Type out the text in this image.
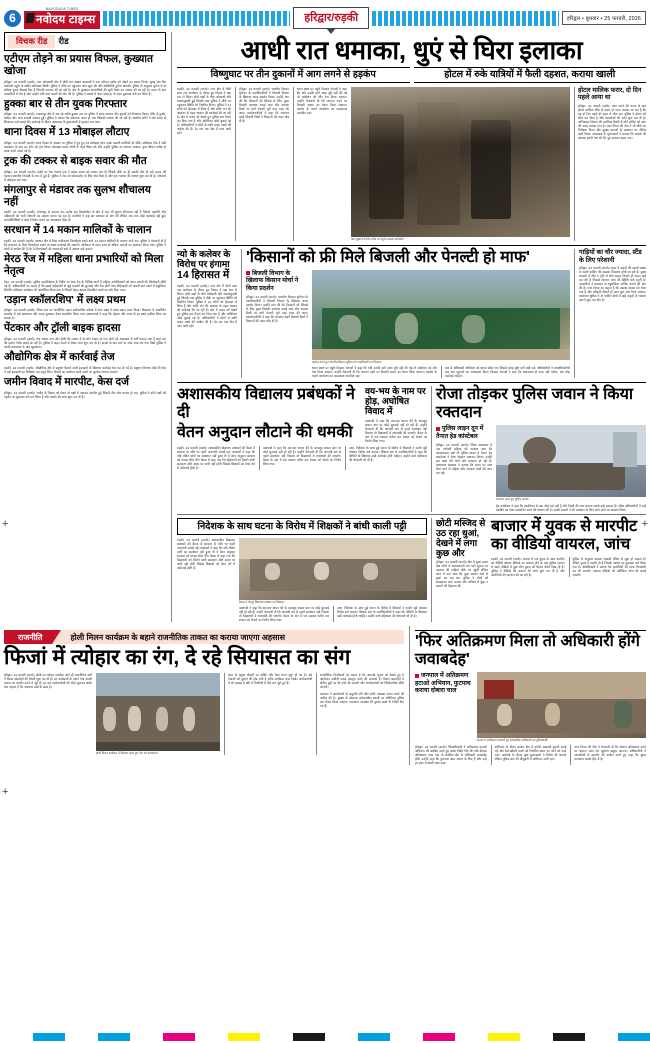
6
NAVODAYA TIMES
नवोदय टाइम्स	हरिद्वार/रुड़की	हरिद्वार • बुधवार • 25 फरवरी, 2026
विचक रीड	रीड
एटीएम तोड़ने का प्रयास विफल, कुख्यात खोजा
हरिद्वार, 24 फरवरी (वार्ता)। नगर कोतवाली क्षेत्र में बीती रात अज्ञात बदमाशों ने एक एटीएम मशीन को तोड़ने का प्रयास किया। सुबह जब बैंक कर्मचारी पहुंचे तो मशीन क्षतिग्रस्त मिली। पुलिस ने मौके पर पहुंचकर जांच शुरू की और सीसीटीवी फुटेज खंगाले। पुलिस के अनुसार फुटेज में दो संदिग्ध युवक दिखाई दिए हैं जिनकी पहचान की जा रही है। क्षेत्र के कुख्यात अपराधियों की सूची तैयार कर तलाश की जा रही है। घटना के बाद व्यापारियों में रोष है और उन्होंने रात्रि गश्त बढ़ाने की मांग की है। पुलिस ने मामले में धारा 331(4) के तहत मुकदमा दर्ज कर लिया है।
हुक्का बार से तीन युवक गिरफ्तार
हरिद्वार, 24 फरवरी (वार्ता)। ज्वालापुर क्षेत्र में चल रहे अवैध हुक्का बार पर पुलिस ने छापा मारकर तीन युवकों को गिरफ्तार किया। मौके से हुक्के, फ्लेवर और अन्य सामग्री बरामद हुई। पुलिस ने बताया कि संचालक फरार हो गया जिसकी तलाश की जा रही है। स्थानीय लोगों ने लंबे समय से शिकायत दर्ज कराई थी। कार्रवाई के दौरान आसपास के दुकानदारों में हड़कंप मच गया।
थाना दिवस में 13 मोबाइल लौटाए
हरिद्वार, 24 फरवरी (वार्ता)। थाना दिवस के अवसर पर पुलिस ने गुम हुए 13 मोबाइल फोन उनके असली मालिकों को सौंपे। सर्विलांस टीम ने लंबी मशक्कत के बाद इन फोन को ट्रेस किया। मोबाइल पाकर लोगों के चेहरे खिल उठे और उन्होंने पुलिस का आभार जताया। कुल कीमत करीब दो लाख रुपये बताई गई है।
ट्रक की टक्कर से बाइक सवार की मौत
हरिद्वार, 24 फरवरी (वार्ता)। हाईवे पर तेज रफ्तार ट्रक ने बाइक सवार को टक्कर मार दी जिससे मौके पर ही उसकी मौत हो गई। मृतक की पहचान स्थानीय निवासी के रूप में हुई है। पुलिस ने शव को पोस्टमार्टम के लिए भेज दिया है और ट्रक चालक की तलाश शुरू कर दी है। परिजनों में कोहराम मच गया।
मंगलापुर से मंडावर तक सुलभ शौचालय नहीं
रुड़की, 24 फरवरी (वार्ता)। मंगलापुर से मंडावर तक करीब दस किलोमीटर के क्षेत्र में एक भी सुलभ शौचालय नहीं है जिससे राहगीरों और महिलाओं को भारी परेशानी का सामना करना पड़ रहा है। ग्रामीणों ने कई बार प्रशासन से मांग की लेकिन अब तक कोई कार्रवाई नहीं हुई। जनप्रतिनिधियों ने जल्द निर्माण कराने का आश्वासन दिया है।
सरधान में 14 मकान मालिकों के चालान
रुड़की, 24 फरवरी (वार्ता)। सरधान क्षेत्र में बिना पंजीकरण किरायेदार रखने वाले 14 मकान मालिकों के चालान काटे गए। पुलिस ने चेतावनी दी है कि सत्यापन के बिना किरायेदार रखने पर सख्त कार्रवाई की जाएगी। अभियान के तहत 120 से अधिक मकानों का सत्यापन किया गया। पुलिस ने लोगों से अपील की है कि वे किरायेदारों की जानकारी थाने में अवश्य दर्ज कराएं।
मेरठ रेंज में महिला थाना प्रभारियों को मिला नेतृत्व
मेरठ, 24 फरवरी (वार्ता)। पुलिस महानिदेशक के निर्देश पर मेरठ रेंज के विभिन्न थानों में महिला उपनिरीक्षकों को थाना प्रभारी की जिम्मेदारी सौंपी गई है। अधिकारियों का कहना है कि इससे महिलाओं से जुड़े मामलों की सुनवाई और तेज होगी तथा पीड़िताओं को अपनी बात रखने में सहूलियत मिलेगी। प्रशिक्षण कार्यक्रम भी आयोजित किया गया है जिसमें नेतृत्व क्षमता विकसित करने पर जोर दिया गया।
'उड़ान स्कॉलरशिप' में लक्ष्य प्रथम
हरिद्वार, 24 फरवरी (वार्ता)। जिला स्तर पर आयोजित उड़ान स्कॉलरशिप परीक्षा में छात्र लक्ष्य ने प्रथम स्थान प्राप्त किया। विद्यालय में आयोजित समारोह में उसे प्रमाणपत्र और नकद पुरस्कार देकर सम्मानित किया गया। प्रधानाचार्य ने कहा कि मेहनत और लगन से हर लक्ष्य हासिल किया जा सकता है।
पेंटकार और ट्रॉली बाइक हादसा
हरिद्वार, 24 फरवरी (वार्ता)। तेज रफ्तार कार और ट्रॉली की टक्कर में दो लोग घायल हो गए। दोनों को अस्पताल में भर्ती कराया गया है जहां एक की हालत गंभीर बताई जा रही है। पुलिस ने वाहन कब्जे में लेकर जांच शुरू कर दी है। हादसे के बाद मार्ग पर लंबा जाम लग गया जिसे पुलिस ने काफी मशक्कत के बाद खुलवाया।
औद्योगिक क्षेत्र में कार्रवाई तेज
रुड़की, 24 फरवरी (वार्ता)। औद्योगिक क्षेत्र में प्रदूषण फैलाने वाली इकाइयों के खिलाफ कार्रवाई तेज कर दी गई है। प्रदूषण नियंत्रण बोर्ड की टीम ने कई इकाइयों का निरीक्षण कर नमूने लिए। नियमों का उल्लंघन करने वालों पर जुर्माना लगाया जाएगा।
जमीन विवाद में मारपीट, केस दर्ज
हरिद्वार, 24 फरवरी (वार्ता)। जमीन के विवाद को लेकर दो पक्षों में जमकर मारपीट हुई जिसमें तीन लोग घायल हो गए। पुलिस ने दोनों पक्षों की तहरीर पर मुकदमा दर्ज कर लिया है और मामले की जांच शुरू कर दी है।
आधी रात धमाका, धुएं से घिरा इलाका
विष्णुघाट पर तीन दुकानों में आग लगने से हड़कंप	होटल में रुके यात्रियों में फैली दहशत, कराया खाली
रुड़की, 24 फरवरी (वार्ता)। नगर क्षेत्र में बीती शाम एक कार्यक्रम के दौरान हुए विवाद ने बड़ा रूप ले लिया। दोनों पक्षों के बीच नारेबाजी और धक्कामुक्की हुई जिसके बाद पुलिस ने मौके पर पहुंचकर स्थिति को नियंत्रित किया। पुलिस ने 14 लोगों को हिरासत में लिया है और शांति भंग की आशंका के तहत चालान की कार्रवाई की जा रही है। क्षेत्र में तनाव को देखते हुए पुलिस बल तैनात कर दिया गया है और अतिरिक्त फोर्स बुलाई गई है। अधिकारियों ने लोगों से शांति बनाए रखने की अपील की है। देर रात तक क्षेत्र में गश्त जारी रही।
हरिद्वार, 24 फरवरी (वार्ता)। भारतीय किसान यूनियन के पदाधिकारियों ने बिजली विभाग के खिलाफ धरना प्रदर्शन किया। उन्होंने मांग की कि किसानों को सिंचाई के लिए मुफ्त बिजली उपलब्ध कराई जाए और बकाया बिलों पर लगी पेनल्टी पूरी तरह माफ की जाए। प्रदर्शनकारियों ने कहा कि लगातार बढ़ते बिजली बिलों ने किसानों की कमर तोड़ दी है।
धरना स्थल पर पहुंचे किसान नेताओं ने कहा कि यदि उनकी मांगें जल्द पूरी नहीं की गईं तो आंदोलन को और तेज किया जाएगा। उन्होंने चेतावनी दी कि जरूरत पड़ने पर बिजली दफ्तर का घेराव किया जाएगा। प्रदर्शन के चलते कार्यालय का कामकाज प्रभावित रहा।
आग बुझाने के लिए मौके पर पहुंचे दमकल कर्मचारी।
होटल मालिक फरार, दो दिन पहले आया था
हरिद्वार, 24 फरवरी (वार्ता)। आग लगने की घटना के बाद होटल मालिक मौके से फरार हो गया। बताया जा रहा है कि वह दो दिन पहले ही बाहर से लौटा था। पुलिस ने होटल को सील कर दिया है और दस्तावेजों की जांच शुरू कर दी है। अग्निशमन विभाग की प्रारंभिक रिपोर्ट में शॉर्ट सर्किट को आग की वजह बताया गया है। नगर निगम की टीम ने भी मौके का निरीक्षण किया और सुरक्षा मानकों के उल्लंघन पर नोटिस जारी किया। आसपास के दुकानदारों ने बताया कि धमाके की आवाज इतनी तेज थी कि पूरा इलाका दहल गया।
न्यो के कलेवर के विरोध पर हंगामा
14 हिरासत में
रुड़की, 24 फरवरी (वार्ता)। नगर क्षेत्र में बीती शाम एक कार्यक्रम के दौरान हुए विवाद ने बड़ा रूप ले लिया। दोनों पक्षों के बीच नारेबाजी और धक्कामुक्की हुई जिसके बाद पुलिस ने मौके पर पहुंचकर स्थिति को नियंत्रित किया। पुलिस ने 14 लोगों को हिरासत में लिया है और शांति भंग की आशंका के तहत चालान की कार्रवाई की जा रही है। क्षेत्र में तनाव को देखते हुए पुलिस बल तैनात कर दिया गया है और अतिरिक्त फोर्स बुलाई गई है। अधिकारियों ने लोगों से शांति बनाए रखने की अपील की है। देर रात तक क्षेत्र में गश्त जारी रही।
'किसानों को फ्री मिले बिजली और पेनल्टी हो माफ'
बिजली विभाग के खिलाफ किसान मोर्चा ने किया प्रदर्शन
हरिद्वार, 24 फरवरी (वार्ता)। भारतीय किसान यूनियन के पदाधिकारियों ने बिजली विभाग के खिलाफ धरना प्रदर्शन किया। उन्होंने मांग की कि किसानों को सिंचाई के लिए मुफ्त बिजली उपलब्ध कराई जाए और बकाया बिलों पर लगी पेनल्टी पूरी तरह माफ की जाए। प्रदर्शनकारियों ने कहा कि लगातार बढ़ते बिजली बिलों ने किसानों की कमर तोड़ दी है।
प्रदर्शन करते हुए भारतीय किसान यूनियन के पदाधिकारी एवं किसान।
धरना स्थल पर पहुंचे किसान नेताओं ने कहा कि यदि उनकी मांगें जल्द पूरी नहीं की गईं तो आंदोलन को और तेज किया जाएगा। उन्होंने चेतावनी दी कि जरूरत पड़ने पर बिजली दफ्तर का घेराव किया जाएगा। प्रदर्शन के चलते कार्यालय का कामकाज प्रभावित रहा।
बाद में अधिशासी अभियंता को ज्ञापन सौंपा गया जिसमें बारह सूत्री मांगें रखी गईं। अधिकारियों ने उच्चाधिकारियों तक बात पहुंचाने का आश्वासन दिया। किसान नेताओं ने कहा कि आश्वासन से काम नहीं चलेगा, अब ठोस कार्रवाई चाहिए।
गाड़ियों का चौर ज्यादा, स्टैंड के लिए परेशानी
हरिद्वार, 24 फरवरी (वार्ता)। शहर में वाहनों की बढ़ती संख्या के चलते पार्किंग की समस्या विकराल होती जा रही है। मुख्य बाजारों में स्टैंड न होने से लोग सड़क किनारे ही वाहन खड़े कर देते हैं जिससे दिनभर जाम की स्थिति बनी रहती है। व्यापारियों ने प्रशासन से बहुमंजिला पार्किंग बनाने की मांग की है। नगर निगम का कहना है कि प्रस्ताव शासन को भेजा गया है और स्वीकृति मिलते ही काम शुरू करा दिया जाएगा। यातायात पुलिस ने नो पार्किंग क्षेत्रों में खड़े वाहनों के चालान काटने शुरू कर दिए हैं।
अशासकीय विद्यालय प्रबंधकों ने दी
वेतन अनुदान लौटाने की धमकी
वय-भय के नाम पर होड़, अघोषित विवाद में
वक्ताओं ने कहा कि बार-बार ज्ञापन देने के बावजूद शासन स्तर पर कोई सुनवाई नहीं हो रही है। उन्होंने चेतावनी दी कि आगामी सत्र से पहले समाधान नहीं निकला तो विद्यालयों में तालाबंदी की जाएगी। बैठक के अंत में एक प्रस्ताव पारित कर शासन को भेजने का निर्णय लिया गया।
रुड़की, 24 फरवरी (वार्ता)। अशासकीय विद्यालय प्रबंधकों की बैठक में सरकार के रवैये पर गहरी नाराजगी जताई गई। प्रबंधकों ने कहा कि यदि लंबित मांगों का समाधान नहीं हुआ तो वे वेतन अनुदान सरकार को वापस लौटा देंगे। बैठक में कहा गया कि विद्यालयों को मिलने वाली सहायता राशि समय पर जारी नहीं होती जिससे शिक्षकों को वेतन देने में कठिनाई होती है।
वक्ताओं ने कहा कि बार-बार ज्ञापन देने के बावजूद शासन स्तर पर कोई सुनवाई नहीं हो रही है। उन्होंने चेतावनी दी कि आगामी सत्र से पहले समाधान नहीं निकला तो विद्यालयों में तालाबंदी की जाएगी। बैठक के अंत में एक प्रस्ताव पारित कर शासन को भेजने का निर्णय लिया गया।
उधर, निदेशक के साथ हुई घटना के विरोध में शिक्षकों ने काली पट्टी बांधकर विरोध दर्ज कराया। शिक्षक संघ के पदाधिकारियों ने कहा कि दोषियों के खिलाफ कड़ी कार्रवाई होनी चाहिए। उन्होंने कार्य बहिष्कार की चेतावनी भी दी है।
रोजा तोड़कर पुलिस जवान ने किया रक्तदान
पुलिस लाइन दून में तैनात हेड कांस्टेबल
हरिद्वार, 24 फरवरी (वार्ता)। जिला अस्पताल में एक गर्भवती महिला को तत्काल रक्त की आवश्यकता पड़ी तो पुलिस लाइन में तैनात हेड कांस्टेबल ने रोजा तोड़कर रक्तदान किया। उनकी इस पहल की चारों ओर सराहना हो रही है। अस्पताल प्रशासन ने बताया कि समय पर रक्त मिल जाने से महिला और नवजात दोनों की जान बच गई।
रक्तदान करते हुए पुलिस जवान।
हेड कांस्टेबल ने कहा कि इंसानियत से बड़ा कोई धर्म नहीं है और किसी की जान बचाना सबसे बड़ी इबादत है। वरिष्ठ अधिकारियों ने उन्हें प्रशस्ति पत्र देकर सम्मानित करने की घोषणा की है। साथी जवानों ने भी रक्तदान के लिए आगे आने का संकल्प लिया।
निदेशक के साथ घटना के विरोध में शिक्षकों ने बांधी काली पट्टी
रुड़की, 24 फरवरी (वार्ता)। अशासकीय विद्यालय प्रबंधकों की बैठक में सरकार के रवैये पर गहरी नाराजगी जताई गई। प्रबंधकों ने कहा कि यदि लंबित मांगों का समाधान नहीं हुआ तो वे वेतन अनुदान सरकार को वापस लौटा देंगे। बैठक में कहा गया कि विद्यालयों को मिलने वाली सहायता राशि समय पर जारी नहीं होती जिससे शिक्षकों को वेतन देने में कठिनाई होती है।
बैठक में मौजूद विद्यालय प्रबंधक एवं शिक्षक।
वक्ताओं ने कहा कि बार-बार ज्ञापन देने के बावजूद शासन स्तर पर कोई सुनवाई नहीं हो रही है। उन्होंने चेतावनी दी कि आगामी सत्र से पहले समाधान नहीं निकला तो विद्यालयों में तालाबंदी की जाएगी। बैठक के अंत में एक प्रस्ताव पारित कर शासन को भेजने का निर्णय लिया गया।
उधर, निदेशक के साथ हुई घटना के विरोध में शिक्षकों ने काली पट्टी बांधकर विरोध दर्ज कराया। शिक्षक संघ के पदाधिकारियों ने कहा कि दोषियों के खिलाफ कड़ी कार्रवाई होनी चाहिए। उन्होंने कार्य बहिष्कार की चेतावनी भी दी है।
छोटी मस्जिद से उठ रहा धुआं, देखने में लगा कुछ और
हरिद्वार, 24 फरवरी (वार्ता)। क्षेत्र में धुआं उठता देख लोगों में अफरातफरी मच गई। सूचना पर दमकल की गाड़ियां मौके पर पहुंचीं लेकिन जांच में पता चला कि कूड़ा जलाए जाने से धुआं उठ रहा था। पुलिस ने लोगों को समझाकर शांत कराया और भविष्य में कूड़ा न जलाने की हिदायत दी।
बाजार में युवक से मारपीट
का वीडियो वायरल, जांच
रुड़की, 24 फरवरी (वार्ता)। बाजार में एक युवक के साथ मारपीट का वीडियो सोशल मीडिया पर वायरल होने के बाद पुलिस हरकत में आई। वीडियो में कुछ लोग युवक को घेरकर पीटते दिख रहे हैं। पुलिस ने वीडियो की सत्यता की जांच शुरू कर दी है और आरोपियों की पहचान की जा रही है।
पुलिस के अनुसार मामला आपसी रंजिश से जुड़ा हो सकता है। पीड़ित युवक ने तहरीर दी है जिसके आधार पर मुकदमा दर्ज किया गया है। क्षेत्राधिकारी ने बताया कि आरोपियों की जल्द गिरफ्तारी कर ली जाएगी। वायरल वीडियो की फॉरेंसिक जांच भी कराई जाएगी।
राजनीति	होली मिलन कार्यक्रम के बहाने राजनीतिक ताकत का कराया जाएगा अहसास
फिजां में त्योहार का रंग, दे रहे सियासत का संग
हरिद्वार, 24 फरवरी (वार्ता)। होली का त्योहार नजदीक आते ही राजनीतिक दलों ने मिलन समारोहों की तैयारी शुरू कर दी है। इन कार्यक्रमों के बहाने नेता अपनी ताकत का प्रदर्शन करने में जुटे हैं। हर दल कार्यकर्ताओं की भीड़ जुटाकर संदेश देना चाहता है कि जनाधार उसी के साथ है।
होली मिलन कार्यक्रम में शिरकत करते हुए नेता एवं कार्यकर्ता।
शहर के प्रमुख चौराहों पर होर्डिंग और बैनर लगने शुरू हो गए हैं। बड़े नेताओं को बुलाने की होड़ मची है ताकि कार्यक्रम भव्य दिखे। कार्यकर्ताओं में भी उत्साह है और वे तैयारियों में दिन-रात जुटे हुए हैं।
राजनीतिक विश्लेषकों का कहना है कि आगामी चुनाव को देखते हुए ये आयोजन जमीनी पकड़ मजबूत करने की कवायद हैं। मिलन समारोहों में क्षेत्रीय मुद्दों पर भी चर्चा की जाएगी और कार्यकर्ताओं को जिम्मेदारियां सौंपी जाएंगी।
प्रशासन ने आयोजकों से अनुमति लेने और शांति व्यवस्था बनाए रखने की अपील की है। सुरक्षा के मद्देनजर संवेदनशील स्थानों पर अतिरिक्त पुलिस बल तैनात किया जाएगा। यातायात व्यवस्था भी दुरुस्त रखने के निर्देश दिए गए हैं।
'फिर अतिक्रमण मिला तो अधिकारी होंगे जवाबदेह'
जनपाल में अतिक्रमण हटाओ अभियान, फुटपाथ कराया दोबारा चाल
बाजार में अतिक्रमण हटवाते हुए प्रशासनिक अधिकारी एवं पुलिसकर्मी।
हरिद्वार, 24 फरवरी (वार्ता)। जिलाधिकारी ने अतिक्रमण हटाओ अभियान की समीक्षा करते हुए सख्त निर्देश दिए कि यदि दोबारा अतिक्रमण पाया गया तो संबंधित क्षेत्र के अधिकारी जवाबदेह होंगे। उन्होंने कहा कि फुटपाथ आम जनता के लिए हैं और उन्हें हर हाल में खाली रखा जाए।
अभियान के दौरान बाजार क्षेत्र में दर्जनों अस्थायी दुकानें हटाई गईं और ठेले-खोमचे वालों को निर्धारित स्थान पर जाने को कहा गया। कार्रवाई के दौरान कुछ दुकानदारों ने विरोध भी जताया लेकिन पुलिस बल की मौजूदगी में अभियान जारी रहा।
नगर निगम की टीम ने चेतावनी दी कि दोबारा अतिक्रमण करने पर सामान जब्त कर जुर्माना वसूला जाएगा। अधिकारियों ने व्यापारियों से सहयोग की अपील करते हुए कहा कि सुगम यातायात सबके हित में है।
+	+
+
